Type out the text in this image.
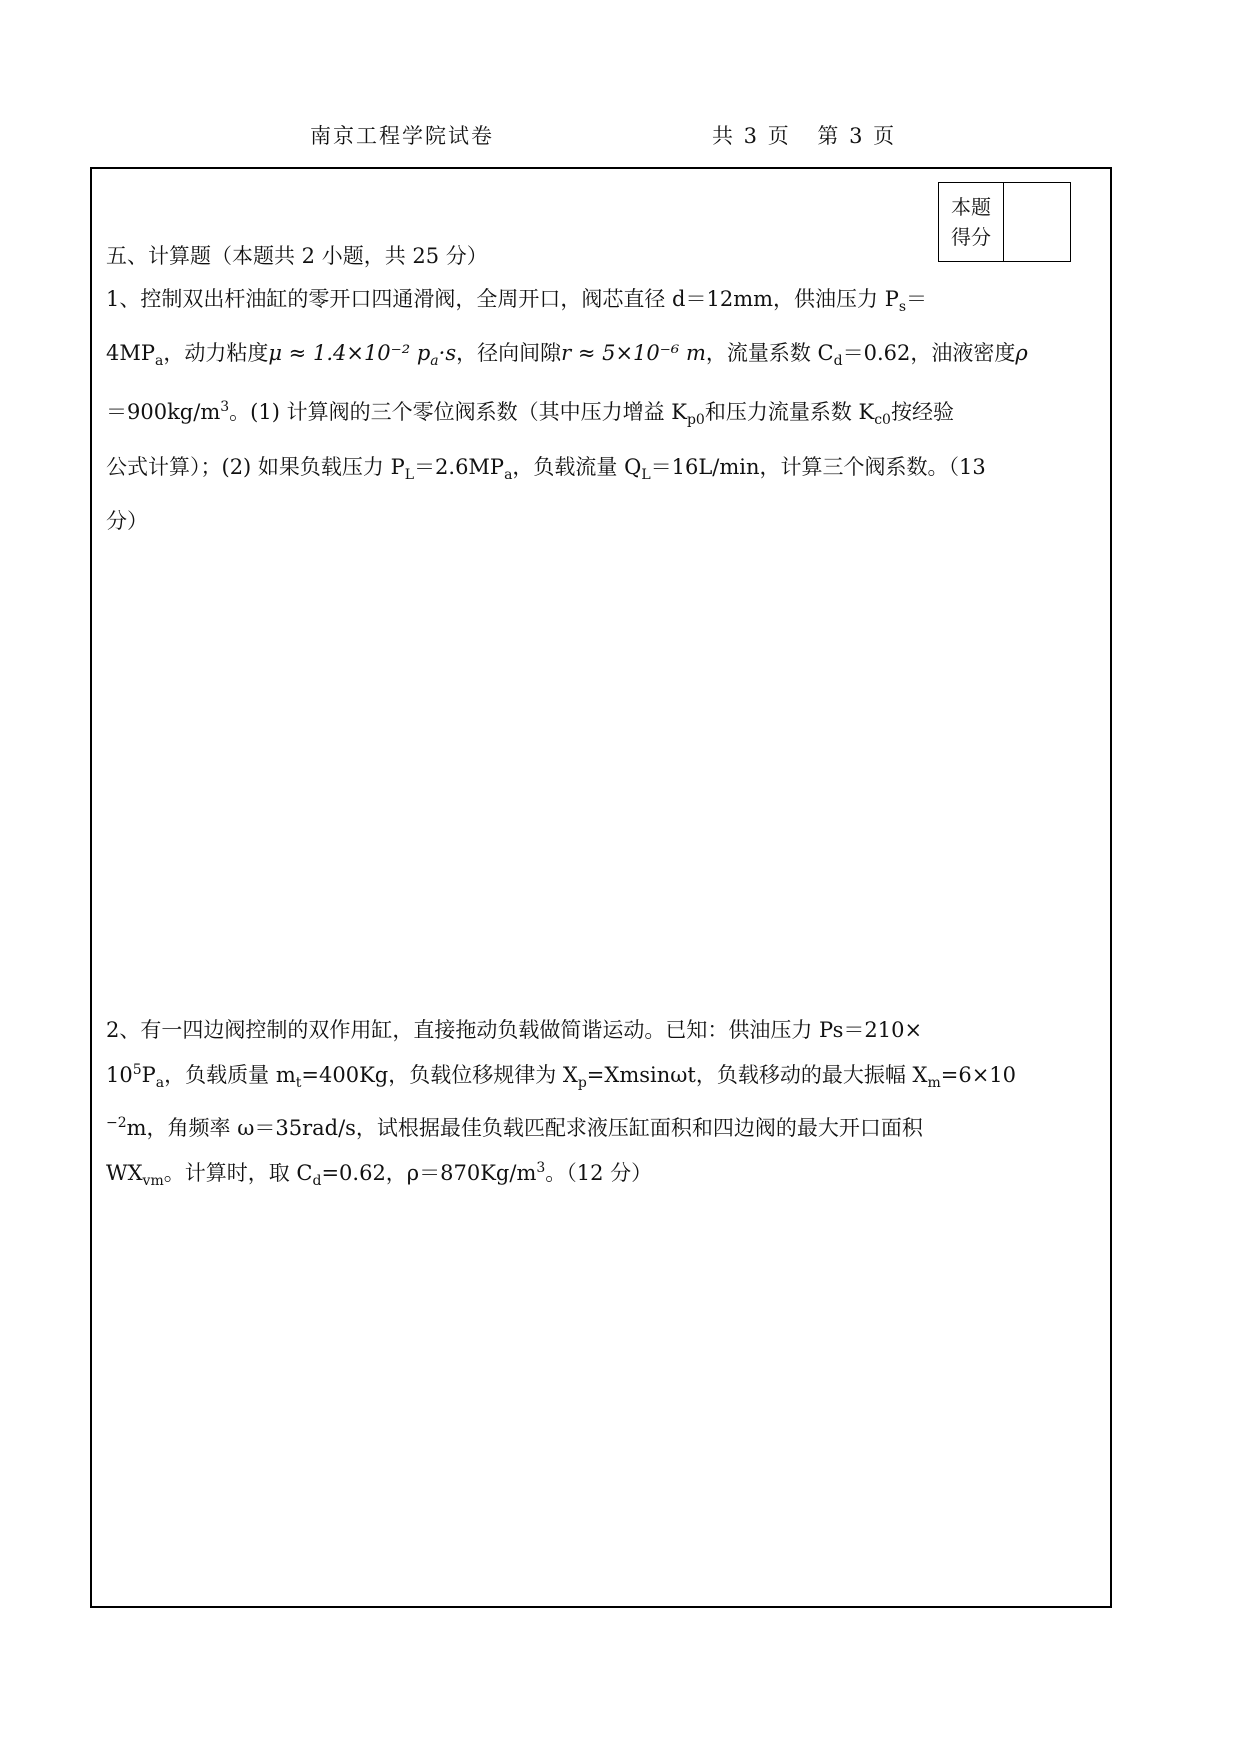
南京工程学院试卷	共 3 页 第 3 页
本题
得分
五、计算题（本题共 2 小题，共 25 分）
1、控制双出杆油缸的零开口四通滑阀，全周开口，阀芯直径 d＝12mm，供油压力 $P_s=$
$4MP_a$，动力粘度μ ≈ 1.4×10⁻² $p_a\cdot s$，径向间隙r ≈ 5×10⁻⁶ m，流量系数 $C_d=0.62$，油液密度ρ
$=900kg/m^3$。(1) 计算阀的三个零位阀系数（其中压力增益 $K_{p0}$和压力流量系数 $K_{c0}$按经验
公式计算）；(2) 如果负载压力 $P_L=2.6MP_a$，负载流量 $Q_L=16L/\min$，计算三个阀系数。（13
分）
2、有一四边阀控制的双作用缸，直接拖动负载做简谐运动。已知：供油压力 Ps＝210×
$10^5P_a$，负载质量 $m_t=400Kg$，负载位移规律为 $X_p=Xmsin\omega t$，负载移动的最大振幅 $X_m=6\times 10$
$^{-2}$m，角频率 ω＝35rad/s，试根据最佳负载匹配求液压缸面积和四边阀的最大开口面积
$WX_{vm}$。计算时，取 $C_d=0.62$，$\rho=870Kg/m^3$。（12 分）
